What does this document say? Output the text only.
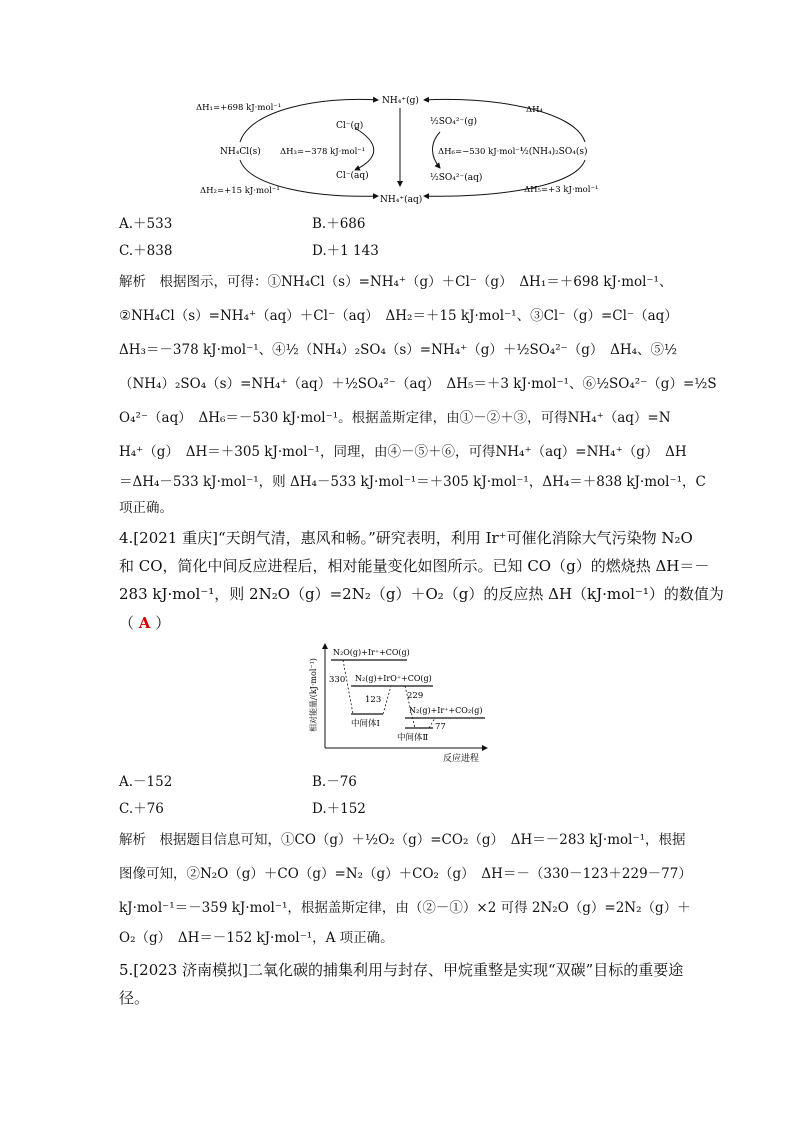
NH₄⁺(g)
NH₄⁺(aq)
NH₄Cl(s)
Cl⁻(g)
Cl⁻(aq)
ΔH₁=+698 kJ·mol⁻¹
ΔH₂=+15 kJ·mol⁻¹
ΔH₃=−378 kJ·mol⁻¹
ΔH₄
ΔH₅=+3 kJ·mol⁻¹
ΔH₆=−530 kJ·mol⁻¹
½SO₄²⁻(g)
½SO₄²⁻(aq)
½(NH₄)₂SO₄(s)
A.＋533	B.＋686
C.＋838	D.＋1 143
解析　根据图示，可得：①NH₄Cl（s）=NH₄⁺（g）＋Cl⁻（g）　ΔH₁＝＋698 kJ·mol⁻¹、
②NH₄Cl（s）=NH₄⁺（aq）＋Cl⁻（aq）　ΔH₂＝＋15 kJ·mol⁻¹、③Cl⁻（g）=Cl⁻（aq）
ΔH₃＝－378 kJ·mol⁻¹、④½（NH₄）₂SO₄（s）=NH₄⁺（g）＋½SO₄²⁻（g）　ΔH₄、⑤½
（NH₄）₂SO₄（s）=NH₄⁺（aq）＋½SO₄²⁻（aq）　ΔH₅＝＋3 kJ·mol⁻¹、⑥½SO₄²⁻（g）=½S
O₄²⁻（aq）　ΔH₆＝－530 kJ·mol⁻¹。根据盖斯定律，由①－②＋③，可得NH₄⁺（aq）=N
H₄⁺（g）　ΔH＝＋305 kJ·mol⁻¹，同理，由④－⑤＋⑥，可得NH₄⁺（aq）=NH₄⁺（g）　ΔH
＝ΔH₄－533 kJ·mol⁻¹，则 ΔH₄－533 kJ·mol⁻¹＝＋305 kJ·mol⁻¹，ΔH₄＝＋838 kJ·mol⁻¹，C
项正确。
4.[2021 重庆]“天朗气清，惠风和畅。”研究表明，利用 Ir⁺可催化消除大气污染物 N₂O
和 CO，简化中间反应进程后，相对能量变化如图所示。已知 CO（g）的燃烧热 ΔH＝－
283 kJ·mol⁻¹，则 2N₂O（g）=2N₂（g）＋O₂（g）的反应热 ΔH（kJ·mol⁻¹）的数值为
（ A ）
相对能量/(kJ·mol⁻¹)
反应进程
N₂O(g)+Ir⁺+CO(g)
N₂(g)+IrO⁺+CO(g)
N₂(g)+Ir⁺+CO₂(g)
330
123	229
77
中间体Ⅰ
中间体Ⅱ
A.－152	B.－76
C.＋76	D.＋152
解析　根据题目信息可知，①CO（g）＋½O₂（g）=CO₂（g）　ΔH＝－283 kJ·mol⁻¹，根据
图像可知，②N₂O（g）＋CO（g）=N₂（g）＋CO₂（g）　ΔH＝－（330－123＋229－77）
kJ·mol⁻¹＝－359 kJ·mol⁻¹，根据盖斯定律，由（②－①）×2 可得 2N₂O（g）=2N₂（g）＋
O₂（g）　ΔH＝－152 kJ·mol⁻¹，A 项正确。
5.[2023 济南模拟]二氧化碳的捕集利用与封存、甲烷重整是实现“双碳”目标的重要途
径。
